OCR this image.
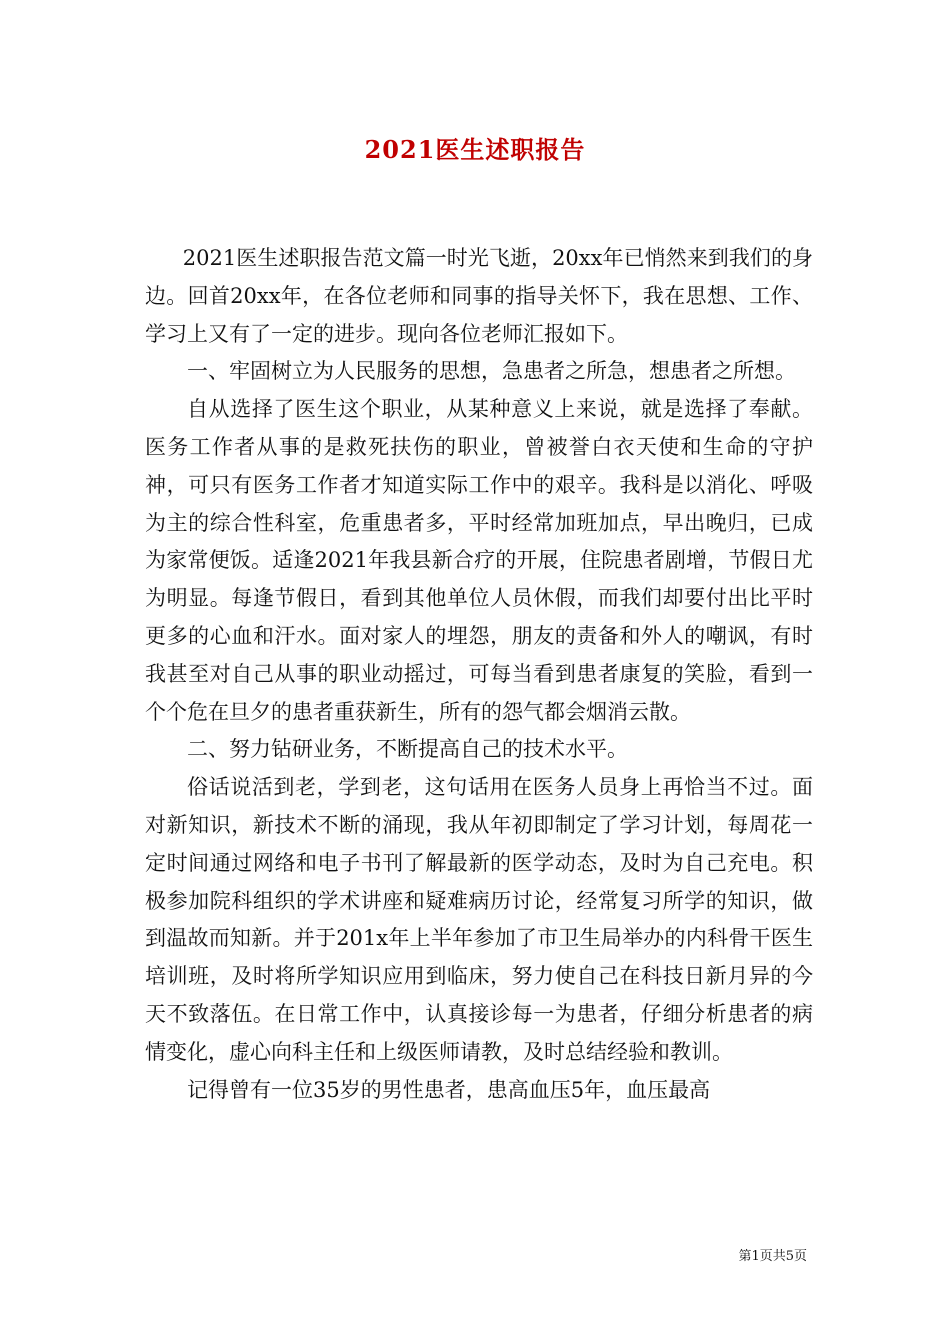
2021医生述职报告

2021医生述职报告范文篇一时光飞逝，20xx年已悄然来到我们的身边。回首20xx年，在各位老师和同事的指导关怀下，我在思想、工作、学习上又有了一定的进步。现向各位老师汇报如下。

一、牢固树立为人民服务的思想，急患者之所急，想患者之所想。

自从选择了医生这个职业，从某种意义上来说，就是选择了奉献。医务工作者从事的是救死扶伤的职业，曾被誉白衣天使和生命的守护神，可只有医务工作者才知道实际工作中的艰辛。我科是以消化、呼吸为主的综合性科室，危重患者多，平时经常加班加点，早出晚归，已成为家常便饭。适逢2021年我县新合疗的开展，住院患者剧增，节假日尤为明显。每逢节假日，看到其他单位人员休假，而我们却要付出比平时更多的心血和汗水。面对家人的埋怨，朋友的责备和外人的嘲讽，有时我甚至对自己从事的职业动摇过，可每当看到患者康复的笑脸，看到一个个危在旦夕的患者重获新生，所有的怨气都会烟消云散。

二、努力钻研业务，不断提高自己的技术水平。

俗话说活到老，学到老，这句话用在医务人员身上再恰当不过。面对新知识，新技术不断的涌现，我从年初即制定了学习计划，每周花一定时间通过网络和电子书刊了解最新的医学动态，及时为自己充电。积极参加院科组织的学术讲座和疑难病历讨论，经常复习所学的知识，做到温故而知新。并于201x年上半年参加了市卫生局举办的内科骨干医生培训班，及时将所学知识应用到临床，努力使自己在科技日新月异的今天不致落伍。在日常工作中，认真接诊每一为患者，仔细分析患者的病情变化，虚心向科主任和上级医师请教，及时总结经验和教训。

记得曾有一位35岁的男性患者，患高血压5年，血压最高

第1页共5页
